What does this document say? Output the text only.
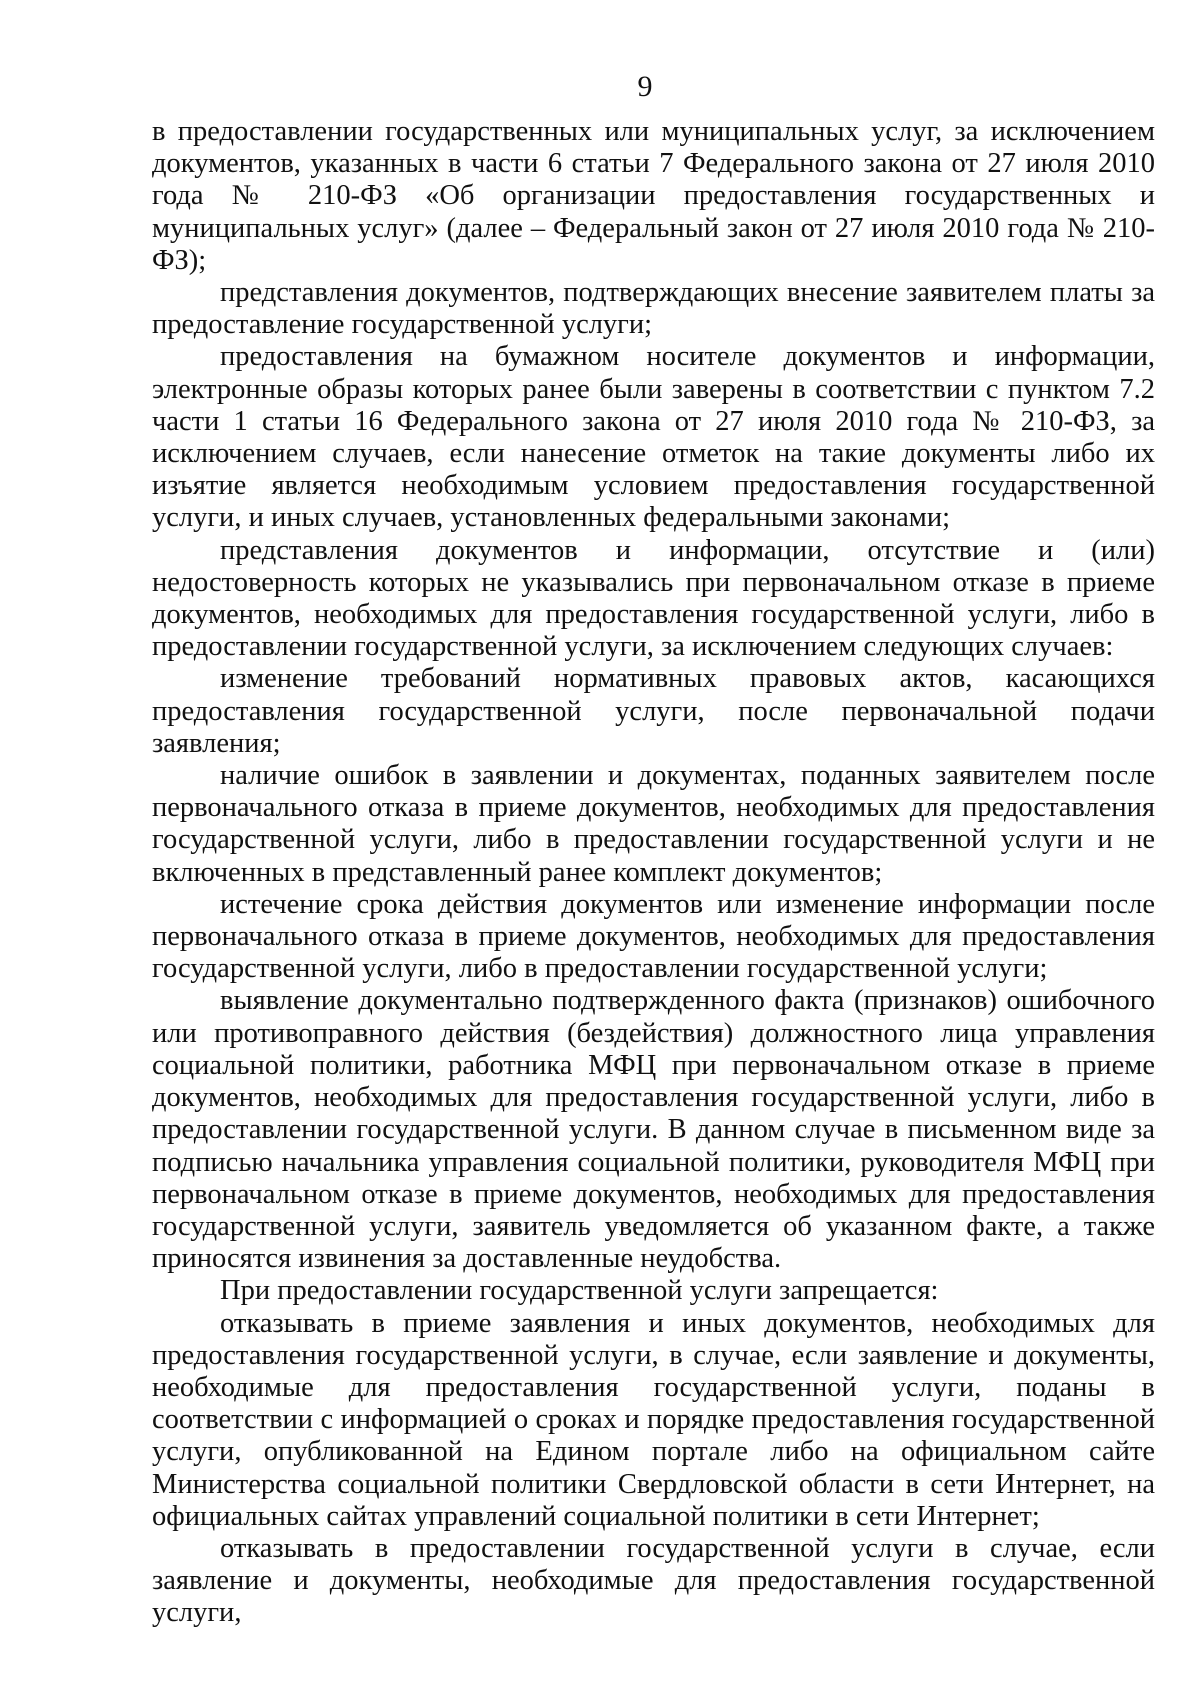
9

в предоставлении государственных или муниципальных услуг, за исключением документов, указанных в части 6 статьи 7 Федерального закона от 27 июля 2010 года № 210-ФЗ «Об организации предоставления государственных и муниципальных услуг» (далее – Федеральный закон от 27 июля 2010 года № 210-ФЗ);

представления документов, подтверждающих внесение заявителем платы за предоставление государственной услуги;

предоставления на бумажном носителе документов и информации, электронные образы которых ранее были заверены в соответствии с пунктом 7.2 части 1 статьи 16 Федерального закона от 27 июля 2010 года № 210-ФЗ, за исключением случаев, если нанесение отметок на такие документы либо их изъятие является необходимым условием предоставления государственной услуги, и иных случаев, установленных федеральными законами;

представления документов и информации, отсутствие и (или) недостоверность которых не указывались при первоначальном отказе в приеме документов, необходимых для предоставления государственной услуги, либо в предоставлении государственной услуги, за исключением следующих случаев:

изменение требований нормативных правовых актов, касающихся предоставления государственной услуги, после первоначальной подачи заявления;

наличие ошибок в заявлении и документах, поданных заявителем после первоначального отказа в приеме документов, необходимых для предоставления государственной услуги, либо в предоставлении государственной услуги и не включенных в представленный ранее комплект документов;

истечение срока действия документов или изменение информации после первоначального отказа в приеме документов, необходимых для предоставления государственной услуги, либо в предоставлении государственной услуги;

выявление документально подтвержденного факта (признаков) ошибочного или противоправного действия (бездействия) должностного лица управления социальной политики, работника МФЦ при первоначальном отказе в приеме документов, необходимых для предоставления государственной услуги, либо в предоставлении государственной услуги. В данном случае в письменном виде за подписью начальника управления социальной политики, руководителя МФЦ при первоначальном отказе в приеме документов, необходимых для предоставления государственной услуги, заявитель уведомляется об указанном факте, а также приносятся извинения за доставленные неудобства.

При предоставлении государственной услуги запрещается:

отказывать в приеме заявления и иных документов, необходимых для предоставления государственной услуги, в случае, если заявление и документы, необходимые для предоставления государственной услуги, поданы в соответствии с информацией о сроках и порядке предоставления государственной услуги, опубликованной на Едином портале либо на официальном сайте Министерства социальной политики Свердловской области в сети Интернет, на официальных сайтах управлений социальной политики в сети Интернет;

отказывать в предоставлении государственной услуги в случае, если заявление и документы, необходимые для предоставления государственной услуги,
